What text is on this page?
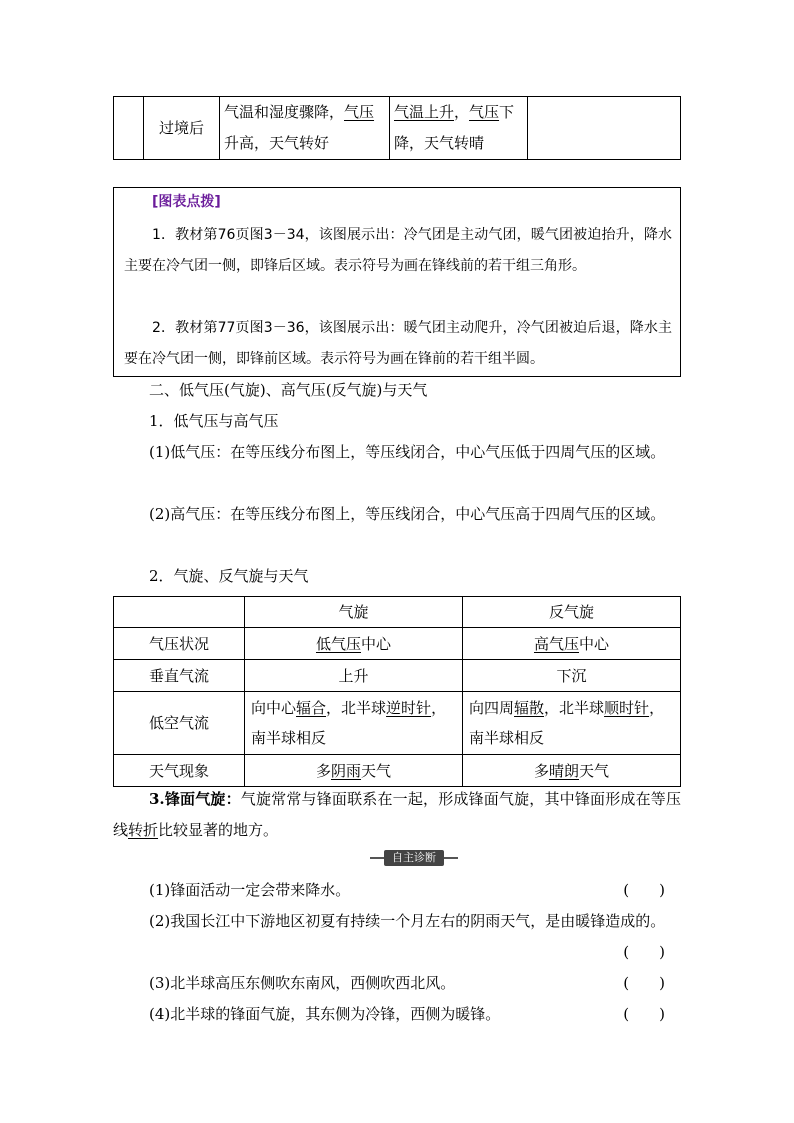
	过境后	气温和湿度骤降，气压升高，天气转好	气温上升，气压下降，天气转晴	
[图表点拨]
1．教材第76页图3－34，该图展示出：冷气团是主动气团，暖气团被迫抬升，降水主要在冷气团一侧，即锋后区域。表示符号为画在锋线前的若干组三角形。
2．教材第77页图3－36，该图展示出：暖气团主动爬升，冷气团被迫后退，降水主要在冷气团一侧，即锋前区域。表示符号为画在锋前的若干组半圆。
二、低气压(气旋)、高气压(反气旋)与天气
1．低气压与高气压
(1)低气压：在等压线分布图上，等压线闭合，中心气压低于四周气压的区域。
(2)高气压：在等压线分布图上，等压线闭合，中心气压高于四周气压的区域。
2．气旋、反气旋与天气
	气旋	反气旋
气压状况	低气压中心	高气压中心
垂直气流	上升	下沉
低空气流	向中心辐合，北半球逆时针，南半球相反	向四周辐散，北半球顺时针，南半球相反
天气现象	多阴雨天气	多晴朗天气
3.锋面气旋：气旋常常与锋面联系在一起，形成锋面气旋，其中锋面形成在等压线转折比较显著的地方。
自主诊断
(1)锋面活动一定会带来降水。	(　　)
(2)我国长江中下游地区初夏有持续一个月左右的阴雨天气，是由暖锋造成的。
(　　)
(3)北半球高压东侧吹东南风，西侧吹西北风。	(　　)
(4)北半球的锋面气旋，其东侧为冷锋，西侧为暖锋。	(　　)
